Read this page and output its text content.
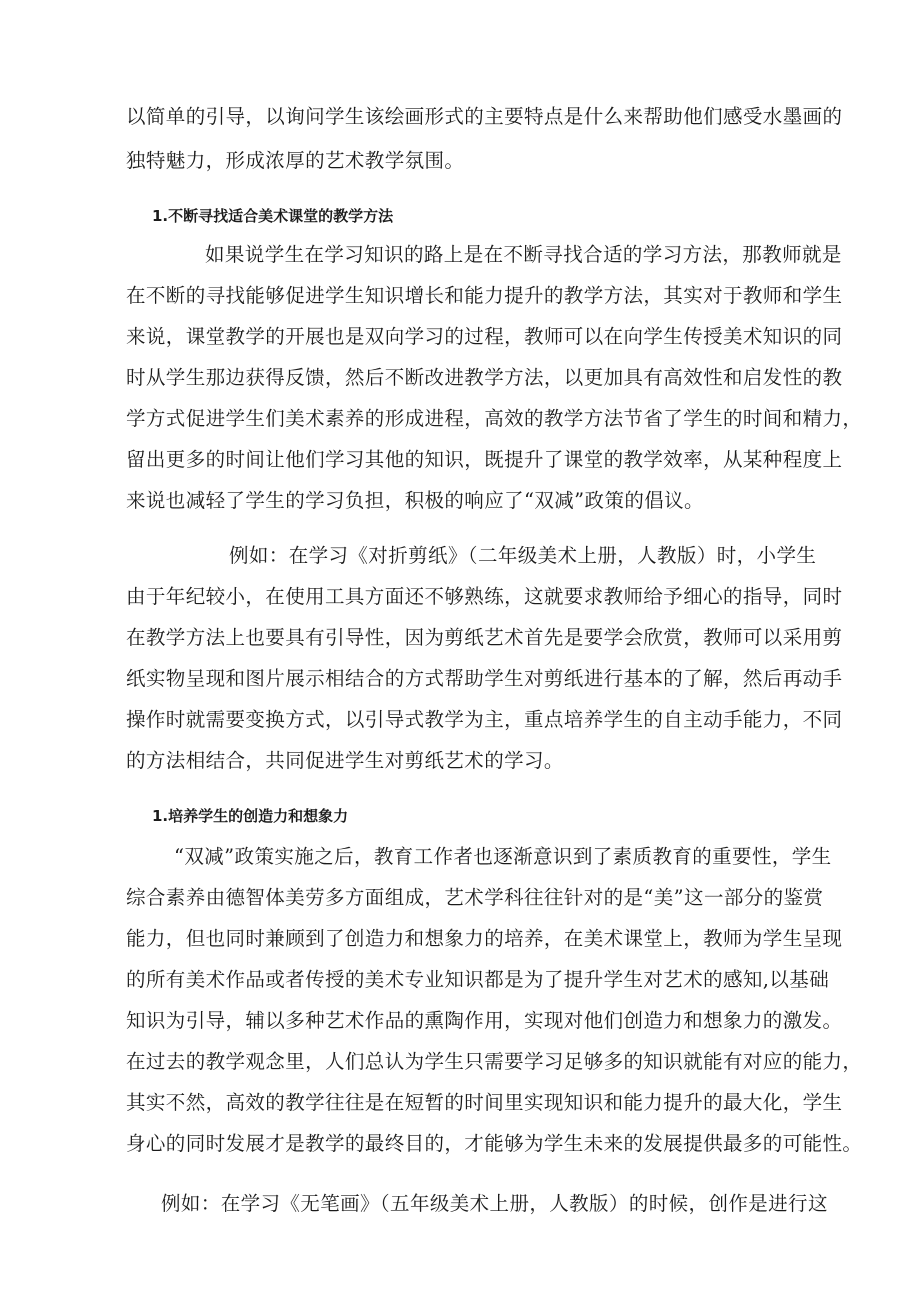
以简单的引导，以询问学生该绘画形式的主要特点是什么来帮助他们感受水墨画的
独特魅力，形成浓厚的艺术教学氛围。
1.不断寻找适合美术课堂的教学方法
如果说学生在学习知识的路上是在不断寻找合适的学习方法，那教师就是
在不断的寻找能够促进学生知识增长和能力提升的教学方法，其实对于教师和学生
来说，课堂教学的开展也是双向学习的过程，教师可以在向学生传授美术知识的同
时从学生那边获得反馈，然后不断改进教学方法，以更加具有高效性和启发性的教
学方式促进学生们美术素养的形成进程，高效的教学方法节省了学生的时间和精力，
留出更多的时间让他们学习其他的知识，既提升了课堂的教学效率，从某种程度上
来说也减轻了学生的学习负担，积极的响应了“双减”政策的倡议。
例如：在学习《对折剪纸》（二年级美术上册，人教版）时，小学生
由于年纪较小，在使用工具方面还不够熟练，这就要求教师给予细心的指导，同时
在教学方法上也要具有引导性，因为剪纸艺术首先是要学会欣赏，教师可以采用剪
纸实物呈现和图片展示相结合的方式帮助学生对剪纸进行基本的了解，然后再动手
操作时就需要变换方式，以引导式教学为主，重点培养学生的自主动手能力，不同
的方法相结合，共同促进学生对剪纸艺术的学习。
1.培养学生的创造力和想象力
“双减”政策实施之后，教育工作者也逐渐意识到了素质教育的重要性，学生
综合素养由德智体美劳多方面组成，艺术学科往往针对的是“美”这一部分的鉴赏
能力，但也同时兼顾到了创造力和想象力的培养，在美术课堂上，教师为学生呈现
的所有美术作品或者传授的美术专业知识都是为了提升学生对艺术的感知,以基础
知识为引导，辅以多种艺术作品的熏陶作用，实现对他们创造力和想象力的激发。
在过去的教学观念里，人们总认为学生只需要学习足够多的知识就能有对应的能力，
其实不然，高效的教学往往是在短暂的时间里实现知识和能力提升的最大化，学生
身心的同时发展才是教学的最终目的，才能够为学生未来的发展提供最多的可能性。
例如：在学习《无笔画》（五年级美术上册，人教版）的时候，创作是进行这
